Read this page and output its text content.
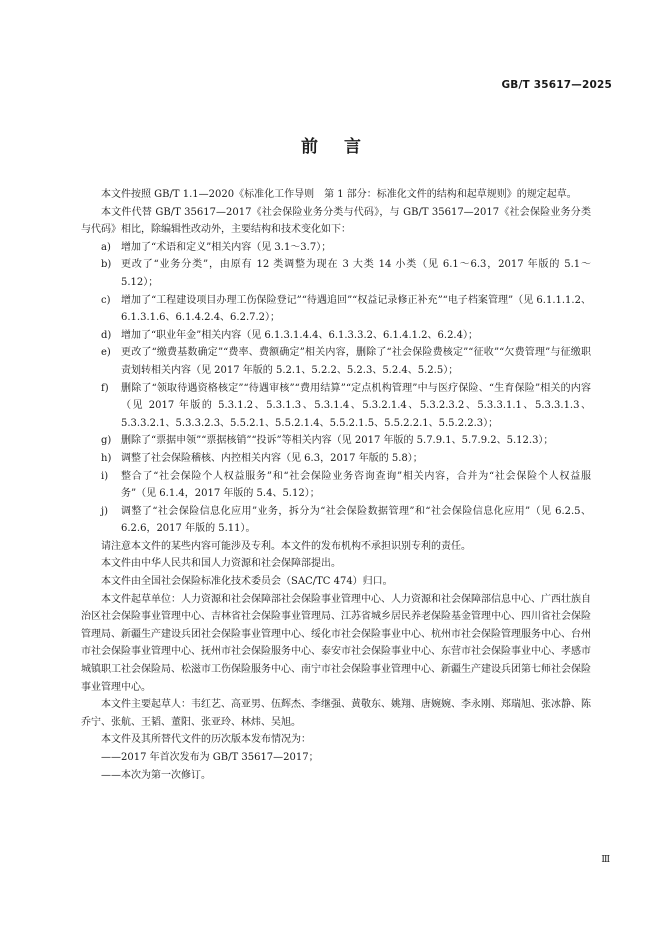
GB/T 35617—2025
前言

本文件按照 GB/T 1.1—2020《标准化工作导则　第 1 部分：标准化文件的结构和起草规则》的规定起草。

本文件代替 GB/T 35617—2017《社会保险业务分类与代码》，与 GB/T 35617—2017《社会保险业务分类与代码》相比，除编辑性改动外，主要结构和技术变化如下：

a) 增加了“术语和定义”相关内容（见 3.1～3.7）；
b) 更改了“业务分类”，由原有 12 类调整为现在 3 大类 14 小类（见 6.1～6.3，2017 年版的 5.1～5.12）；
c) 增加了“工程建设项目办理工伤保险登记”“待遇追回”“权益记录修正补充”“电子档案管理”（见 6.1.1.1.2、6.1.3.1.6、6.1.4.2.4、6.2.7.2）；
d) 增加了“职业年金”相关内容（见 6.1.3.1.4.4、6.1.3.3.2、6.1.4.1.2、6.2.4）；
e) 更改了“缴费基数确定”“费率、费额确定”相关内容，删除了“社会保险费核定”“征收”“欠费管理”与征缴职责划转相关内容（见 2017 年版的 5.2.1、5.2.2、5.2.3、5.2.4、5.2.5）；
f) 删除了“领取待遇资格核定”“待遇审核”“费用结算”“定点机构管理”中与医疗保险、“生育保险”相关的内容（见 2017 年版的 5.3.1.2、5.3.1.3、5.3.1.4、5.3.2.1.4、5.3.2.3.2、5.3.3.1.1、5.3.3.1.3、5.3.3.2.1、5.3.3.2.3、5.5.2.1、5.5.2.1.4、5.5.2.1.5、5.5.2.2.1、5.5.2.2.3）；
g) 删除了“票据申领”“票据核销”“投诉”等相关内容（见 2017 年版的 5.7.9.1、5.7.9.2、5.12.3）；
h) 调整了社会保险稽核、内控相关内容（见 6.3，2017 年版的 5.8）；
i) 整合了“社会保险个人权益服务”和“社会保险业务咨询查询”相关内容，合并为“社会保险个人权益服务”（见 6.1.4，2017 年版的 5.4、5.12）；
j) 调整了“社会保险信息化应用”业务，拆分为“社会保险数据管理”和“社会保险信息化应用”（见 6.2.5、6.2.6，2017 年版的 5.11）。

请注意本文件的某些内容可能涉及专利。本文件的发布机构不承担识别专利的责任。

本文件由中华人民共和国人力资源和社会保障部提出。

本文件由全国社会保险标准化技术委员会（SAC/TC 474）归口。

本文件起草单位：人力资源和社会保障部社会保险事业管理中心、人力资源和社会保障部信息中心、广西壮族自治区社会保险事业管理中心、吉林省社会保险事业管理局、江苏省城乡居民养老保险基金管理中心、四川省社会保险管理局、新疆生产建设兵团社会保险事业管理中心、绥化市社会保险事业中心、杭州市社会保险管理服务中心、台州市社会保险事业管理中心、抚州市社会保险服务中心、泰安市社会保险事业中心、东营市社会保险事业中心、孝感市城镇职工社会保险局、松滋市工伤保险服务中心、南宁市社会保险事业管理中心、新疆生产建设兵团第七师社会保险事业管理中心。

本文件主要起草人：韦红艺、高亚男、伍辉杰、李继强、黄敬东、姚翔、唐婉婉、李永刚、郑瑞旭、张冰静、陈乔宁、张航、王韬、董阳、张亚玲、林炜、吴旭。

本文件及其所替代文件的历次版本发布情况为：

——2017 年首次发布为 GB/T 35617—2017；

——本次为第一次修订。

Ⅲ
